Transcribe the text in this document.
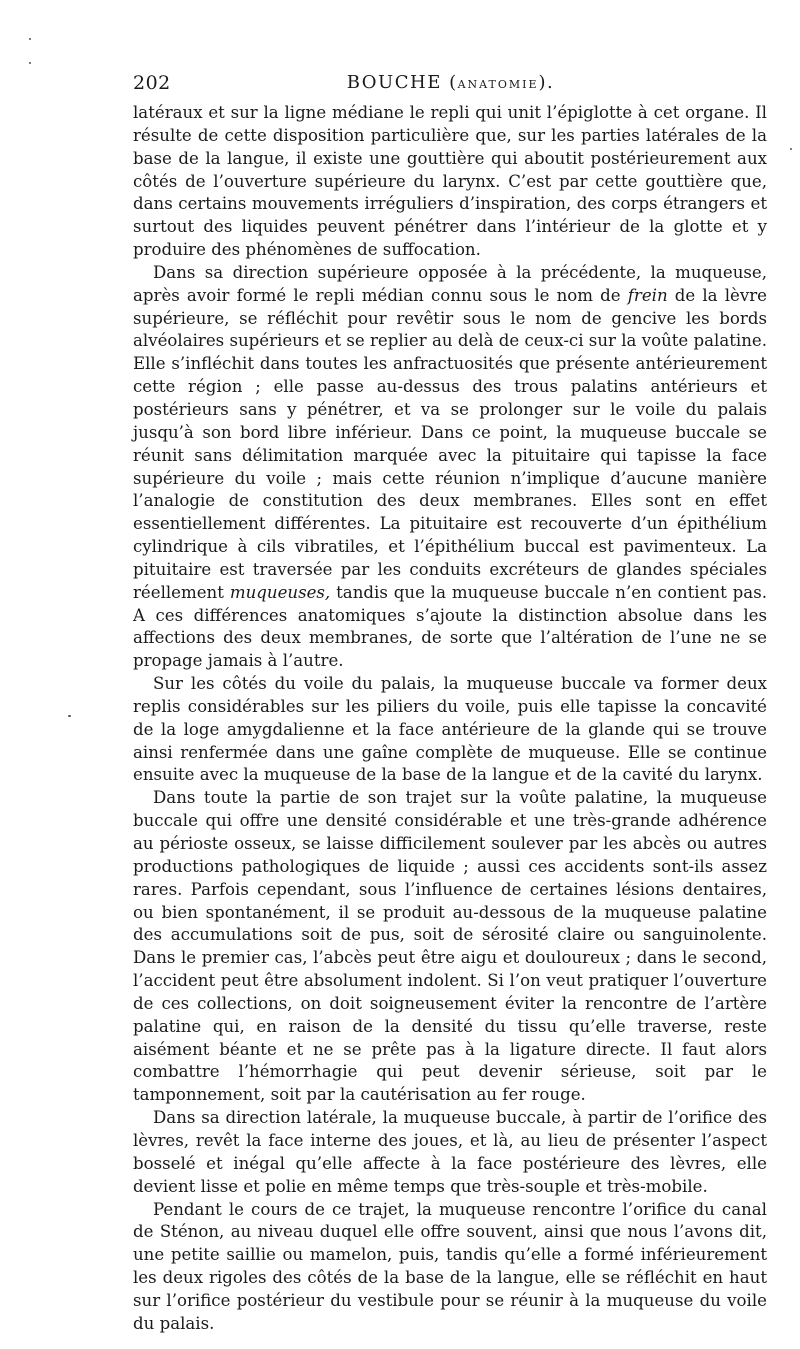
202	BOUCHE (ANATOMIE).

latéraux et sur la ligne médiane le repli qui unit l’épiglotte à cet organe. Il résulte de cette disposition particulière que, sur les parties latérales de la base de la langue, il existe une gouttière qui aboutit postérieurement aux côtés de l’ouverture supérieure du larynx. C’est par cette gouttière que, dans certains mouvements irréguliers d’inspiration, des corps étrangers et surtout des liquides peuvent pénétrer dans l’intérieur de la glotte et y produire des phénomènes de suffocation.

Dans sa direction supérieure opposée à la précédente, la muqueuse, après avoir formé le repli médian connu sous le nom de frein de la lèvre supérieure, se réfléchit pour revêtir sous le nom de gencive les bords alvéolaires supérieurs et se replier au delà de ceux-ci sur la voûte palatine. Elle s’infléchit dans toutes les anfractuosités que présente antérieurement cette région ; elle passe au-dessus des trous palatins antérieurs et postérieurs sans y pénétrer, et va se prolonger sur le voile du palais jusqu’à son bord libre inférieur. Dans ce point, la muqueuse buccale se réunit sans délimitation marquée avec la pituitaire qui tapisse la face supérieure du voile ; mais cette réunion n’implique d’aucune manière l’analogie de constitution des deux membranes. Elles sont en effet essentiellement différentes. La pituitaire est recouverte d’un épithélium cylindrique à cils vibratiles, et l’épithélium buccal est pavimenteux. La pituitaire est traversée par les conduits excréteurs de glandes spéciales réellement muqueuses, tandis que la muqueuse buccale n’en contient pas. A ces différences anatomiques s’ajoute la distinction absolue dans les affections des deux membranes, de sorte que l’altération de l’une ne se propage jamais à l’autre.

Sur les côtés du voile du palais, la muqueuse buccale va former deux replis considérables sur les piliers du voile, puis elle tapisse la concavité de la loge amygdalienne et la face antérieure de la glande qui se trouve ainsi renfermée dans une gaîne complète de muqueuse. Elle se continue ensuite avec la muqueuse de la base de la langue et de la cavité du larynx.

Dans toute la partie de son trajet sur la voûte palatine, la muqueuse buccale qui offre une densité considérable et une très-grande adhérence au périoste osseux, se laisse difficilement soulever par les abcès ou autres productions pathologiques de liquide ; aussi ces accidents sont-ils assez rares. Parfois cependant, sous l’influence de certaines lésions dentaires, ou bien spontanément, il se produit au-dessous de la muqueuse palatine des accumulations soit de pus, soit de sérosité claire ou sanguinolente. Dans le premier cas, l’abcès peut être aigu et douloureux ; dans le second, l’accident peut être absolument indolent. Si l’on veut pratiquer l’ouverture de ces collections, on doit soigneusement éviter la rencontre de l’artère palatine qui, en raison de la densité du tissu qu’elle traverse, reste aisément béante et ne se prête pas à la ligature directe. Il faut alors combattre l’hémorrhagie qui peut devenir sérieuse, soit par le tamponnement, soit par la cautérisation au fer rouge.

Dans sa direction latérale, la muqueuse buccale, à partir de l’orifice des lèvres, revêt la face interne des joues, et là, au lieu de présenter l’aspect bosselé et inégal qu’elle affecte à la face postérieure des lèvres, elle devient lisse et polie en même temps que très-souple et très-mobile.

Pendant le cours de ce trajet, la muqueuse rencontre l’orifice du canal de Sténon, au niveau duquel elle offre souvent, ainsi que nous l’avons dit, une petite saillie ou mamelon, puis, tandis qu’elle a formé inférieurement les deux rigoles des côtés de la base de la langue, elle se réfléchit en haut sur l’orifice postérieur du vestibule pour se réunir à la muqueuse du voile du palais.
